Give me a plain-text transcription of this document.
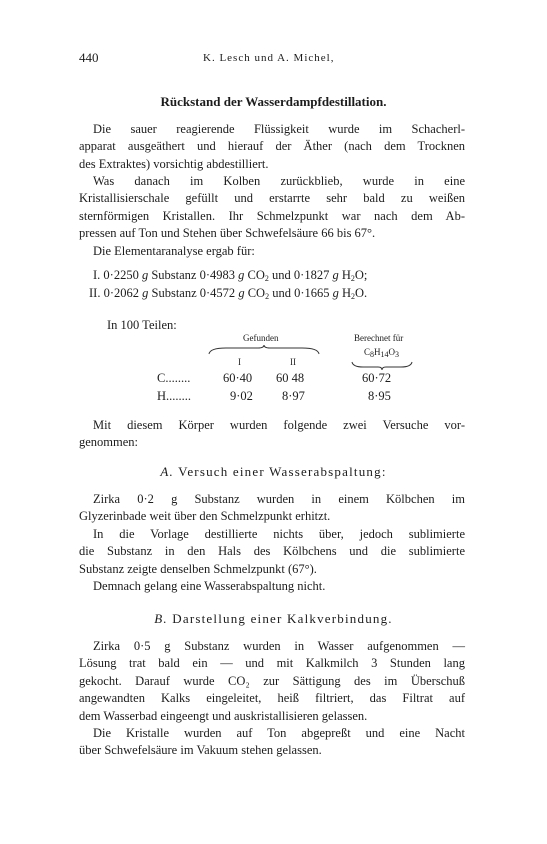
440	K. Lesch und A. Michel,
Rückstand der Wasserdampfdestillation.
Die sauer reagierende Flüssigkeit wurde im Schacherl-
apparat ausgeäthert und hierauf der Äther (nach dem Trocknen
des Extraktes) vorsichtig abdestilliert.
Was danach im Kolben zurückblieb, wurde in eine
Kristallisierschale gefüllt und erstarrte sehr bald zu weißen
sternförmigen Kristallen. Ihr Schmelzpunkt war nach dem Ab-
pressen auf Ton und Stehen über Schwefelsäure 66 bis 67°.
Die Elementaranalyse ergab für:
I. 0·2250 g Substanz 0·4983 g $CO_2$ und 0·1827 g $H_2O$;
II. 0·2062 g Substanz 0·4572 g $CO_2$ und 0·1665 g $H_2O$.
In 100 Teilen:
Gefunden	Berechnet für
$C_8H_{14}O_3$
I	II
C........	60·40 60 48	60·72
H........	9·02 8·97	8·95
Mit diesem Körper wurden folgende zwei Versuche vor-
genommen:
A. Versuch einer Wasserabspaltung:
Zirka 0·2 g Substanz wurden in einem Kölbchen im
Glyzerinbade weit über den Schmelzpunkt erhitzt.
In die Vorlage destillierte nichts über, jedoch sublimierte
die Substanz in den Hals des Kölbchens und die sublimierte
Substanz zeigte denselben Schmelzpunkt (67°).
Demnach gelang eine Wasserabspaltung nicht.
B. Darstellung einer Kalkverbindung.
Zirka 0·5 g Substanz wurden in Wasser aufgenommen —
Lösung trat bald ein — und mit Kalkmilch 3 Stunden lang
gekocht. Darauf wurde CO₂ zur Sättigung des im Überschuß
angewandten Kalks eingeleitet, heiß filtriert, das Filtrat auf
dem Wasserbad eingeengt und auskristallisieren gelassen.
Die Kristalle wurden auf Ton abgepreßt und eine Nacht
über Schwefelsäure im Vakuum stehen gelassen.
